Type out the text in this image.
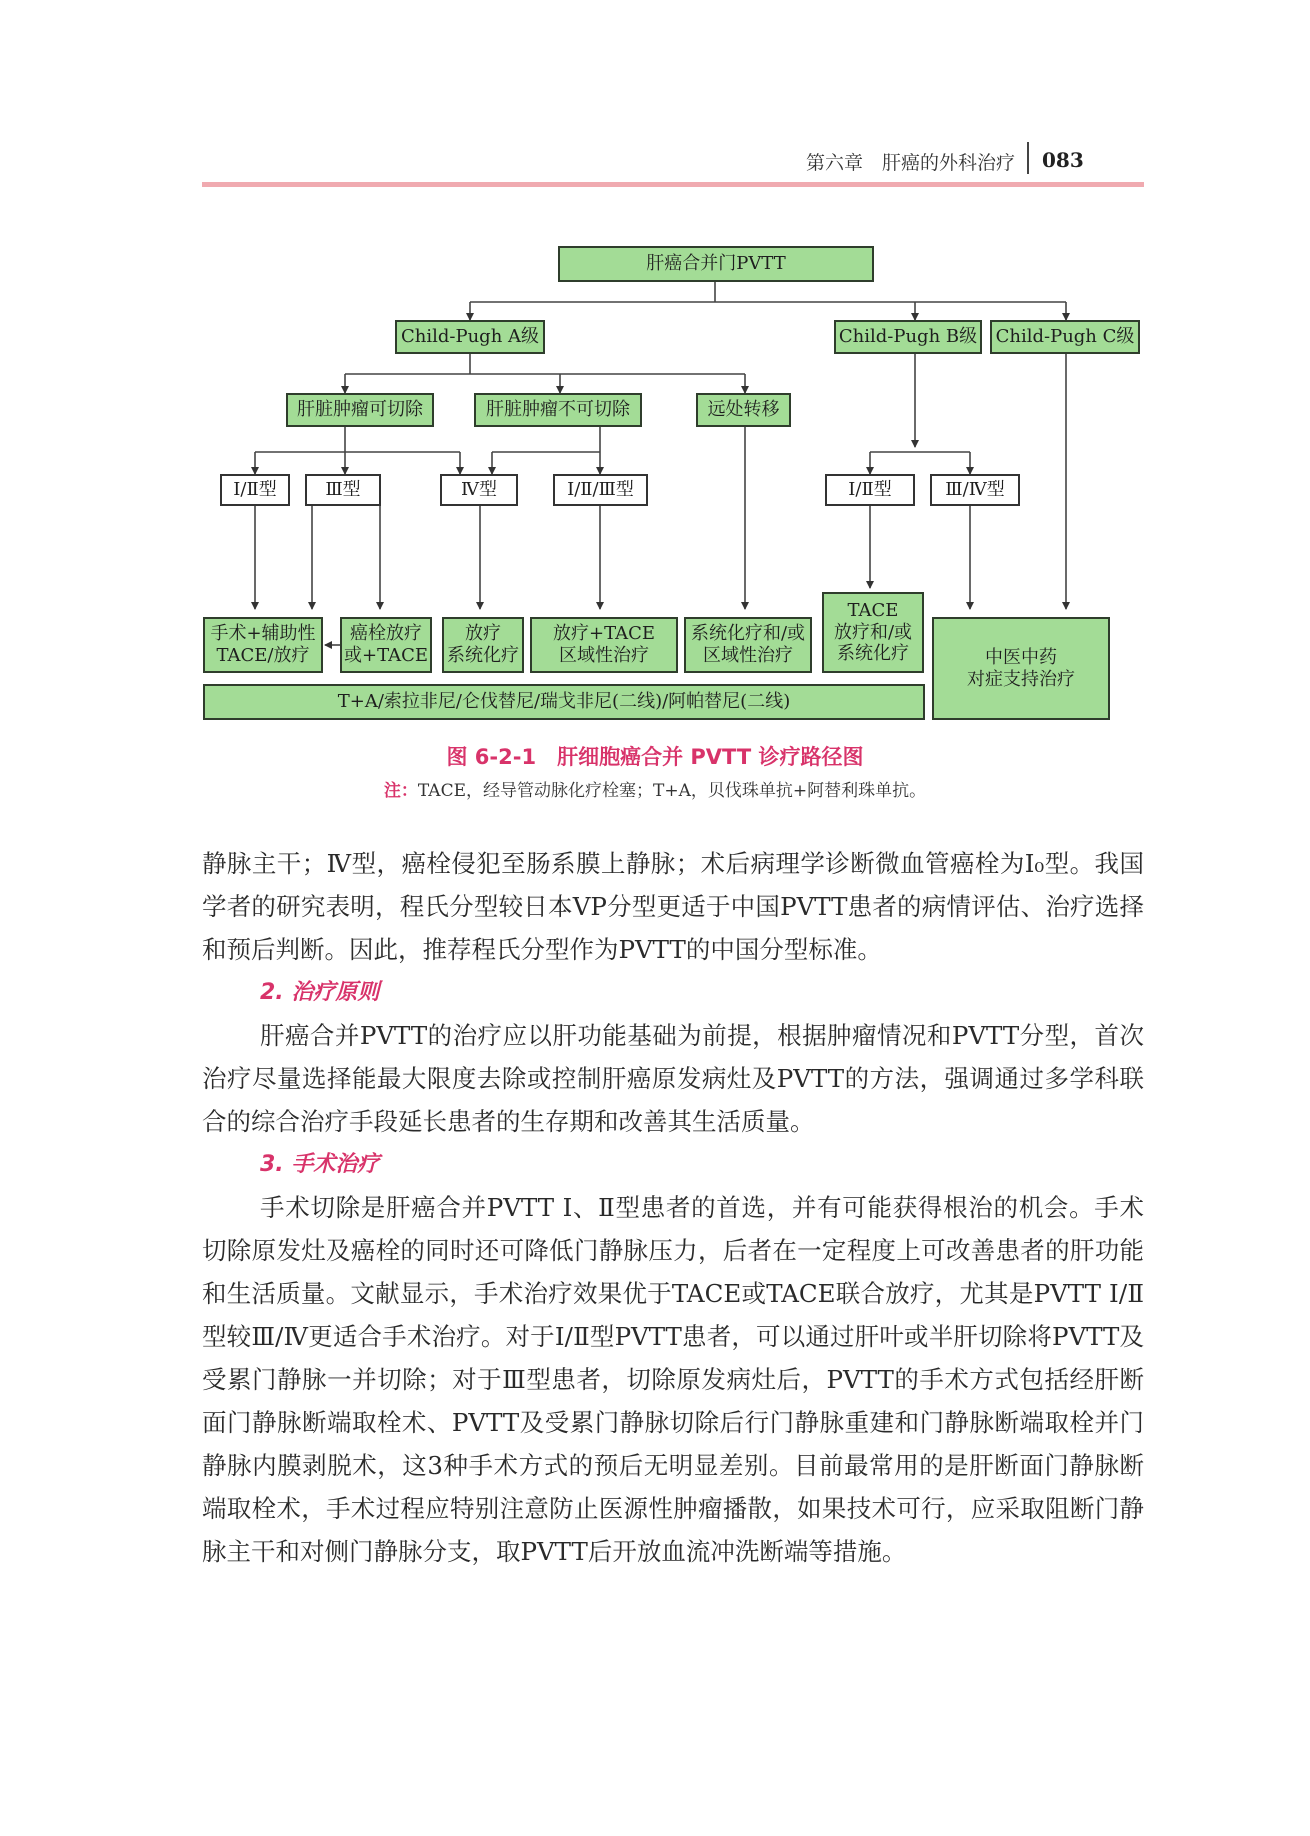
第六章　肝癌的外科治疗 083
肝癌合并门PVTT
Child-Pugh A级	Child-Pugh B级	Child-Pugh C级
肝脏肿瘤可切除	肝脏肿瘤不可切除	远处转移
Ⅰ/Ⅱ型	Ⅲ型	Ⅳ型	Ⅰ/Ⅱ/Ⅲ型	Ⅰ/Ⅱ型	Ⅲ/Ⅳ型
手术+辅助性
TACE/放疗
癌栓放疗
或+TACE
放疗
系统化疗
放疗+TACE
区域性治疗
系统化疗和/或
区域性治疗
TACE
放疗和/或
系统化疗	中医中药
对症支持治疗
T+A/索拉非尼/仑伐替尼/瑞戈非尼(二线)/阿帕替尼(二线)
图 6-2-1　肝细胞癌合并 PVTT 诊疗路径图
注：TACE，经导管动脉化疗栓塞；T+A，贝伐珠单抗+阿替利珠单抗。

静脉主干；Ⅳ型，癌栓侵犯至肠系膜上静脉；术后病理学诊断微血管癌栓为I₀型。我国学者的研究表明，程氏分型较日本VP分型更适于中国PVTT患者的病情评估、治疗选择和预后判断。因此，推荐程氏分型作为PVTT的中国分型标准。

2. 治疗原则

肝癌合并PVTT的治疗应以肝功能基础为前提，根据肿瘤情况和PVTT分型，首次治疗尽量选择能最大限度去除或控制肝癌原发病灶及PVTT的方法，强调通过多学科联合的综合治疗手段延长患者的生存期和改善其生活质量。

3. 手术治疗

手术切除是肝癌合并PVTT Ⅰ、Ⅱ型患者的首选，并有可能获得根治的机会。手术切除原发灶及癌栓的同时还可降低门静脉压力，后者在一定程度上可改善患者的肝功能和生活质量。文献显示，手术治疗效果优于TACE或TACE联合放疗，尤其是PVTT Ⅰ/Ⅱ型较Ⅲ/Ⅳ更适合手术治疗。对于Ⅰ/Ⅱ型PVTT患者，可以通过肝叶或半肝切除将PVTT及受累门静脉一并切除；对于Ⅲ型患者，切除原发病灶后，PVTT的手术方式包括经肝断面门静脉断端取栓术、PVTT及受累门静脉切除后行门静脉重建和门静脉断端取栓并门静脉内膜剥脱术，这3种手术方式的预后无明显差别。目前最常用的是肝断面门静脉断端取栓术，手术过程应特别注意防止医源性肿瘤播散，如果技术可行，应采取阻断门静脉主干和对侧门静脉分支，取PVTT后开放血流冲洗断端等措施。
